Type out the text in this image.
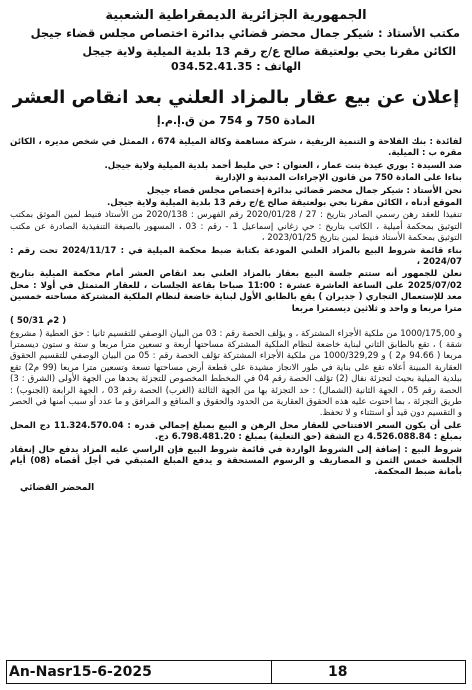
الجمهورية الجزائرية الديمقراطية الشعبية
مكتب الأستاذ : شيكر جمال محضر قضائي بدائرة اختصاص مجلس قضاء جيجل
الكائن مقرنا بحي بولعتيقة صالح ع/ج رقم 13 بلدية الميلية ولاية جيجل
الهاتف : 034.52.41.35
إعلان عن بيع عقار بالمزاد العلني بعد انقاص العشر
المادة 750 و 754 من ق.إ.م.إ

لفائدة : بنك الفلاحة و التنمية الريفية ، شركة مساهمة وكالة الميلية 674 ، الممثل في شخص مديره ، الكائن مقره ب : الميلية.

ضد السيدة : بوري عيدة بنت عمار ، العنوان : حي مليط أحمد بلدية الميلية ولاية جيجل.

بناءا على المادة 750 من قانون الإجراءات المدنية و الإدارية

نحن الأستاذ : شيكر جمال محضر قضائي بدائرة إختصاص مجلس قضاء جيجل

الموقع أدناه ، الكائن مقرنا بحي بولعتيقة صالح ع/ج رقم 13 بلدية الميلية ولاية جيجل.

تنفيذا للعقد رهن رسمي الصادر بتاريخ : 27 / 2020/01/28 رقم الفهرس : 2020/138 من الأستاذ فنيط لمين الموثق بمكتب التوثيق بمحكمة أميلية ، الكاتب بتاريخ : حي زغاني إسماعيل 1 - رقم : 03 ، المسهور بالصيغة التنفيذية الصادرة عن مكتب التوثيق بمحكمة الأستاذ فنيط لمين بتاريخ 2023/01/25 ،

بناء قائمة شروط البيع بالمزاد العلني المودعة بكتابة ضبط محكمة الميلية في : 2024/11/17 تحت رقم : 2024/07 ،

نعلن للجمهور أنه ستتم جلسة البيع بعقار بالمزاد العلني بعد انقاص العشر أمام محكمة الميلية بتاريخ 2025/07/02 على الساعة العاشرة عشرة : 11:00 صباحا بقاعة الجلسات ، للعقار المتمثل في أولا : محل معد للإستعمال التجاري ( جديران ) يقع بالطابق الأول لبناية خاضعة لنظام الملكية المشتركة مساحته خمسين مترا مربعا و واحد و ثلاثين ديسمترا مربعا

( 2م 50/31 )

و 1000/175,00 من ملكية الأجزاء المشتركة ، و يؤلف الحصة رقم : 03 من البيان الوصفي للتقسيم ثانيا : حق العطية ( مشروع شقة ) ، تقع بالطابق الثاني لبناية خاضعة لنظام الملكية المشتركة مساحتها أربعة و تسعين مترا مربعا و ستة و ستون ديسمترا مربعا ( 94.66 م2 ) و 1000/329,29 من ملكية الأجزاء المشتركة تؤلف الحصة رقم : 05 من البيان الوصفي للتقسيم الحقوق العقارية المبينة أعلاه تقع على بناية في طور الانجاز مشيدة على قطعة أرض مساحتها تسعة وتسعين مترا مربعا (99 م2) تقع ببلدية الميلية بحيث لتجزئة نفال (2) تؤلف الحصة رقم 04 في المخطط المخصوص للتجزئة يحدها من الجهة الأولى (الشرق : 3) الحصة رقم 05 ، الجهة الثانية (الشمال) : حد التجزئة بها من الجهة الثالثة (الغرب) الحصة رقم 03 ، الجهة الرابعة (الجنوب) : طريق التجزئة ، بما احتوت عليه هذه الحقوق العقارية من الحدود والحقوق و المنافع و المرافق و ما عدد أو سبب أمنها في الحصر و التقسيم دون قيد أو استثناء و لا تحفظ.

على أن يكون السعر الافتتاحي للعقار محل الرهن و البيع بمبلغ إجمالي قدره : 11.324.570.04 دج المحل بمبلغ : 4.526.088.84 دج الشقة (حق التعلية) بمبلغ : 6.798.481.20 دج.

شروط البيع : إضافة إلى الشروط الواردة في قائمة شروط البيع فإن الراسي عليه المزاد يدفع حال إنعقاد الجلسة خمس الثمن و المصاريف و الرسوم المستحقة و يدفع المبلغ المتبقي في أجل أقصاه (08) أيام بأمانة ضبط المحكمة.

المحضر القضائي
An-Nasr15-6-2025	18
